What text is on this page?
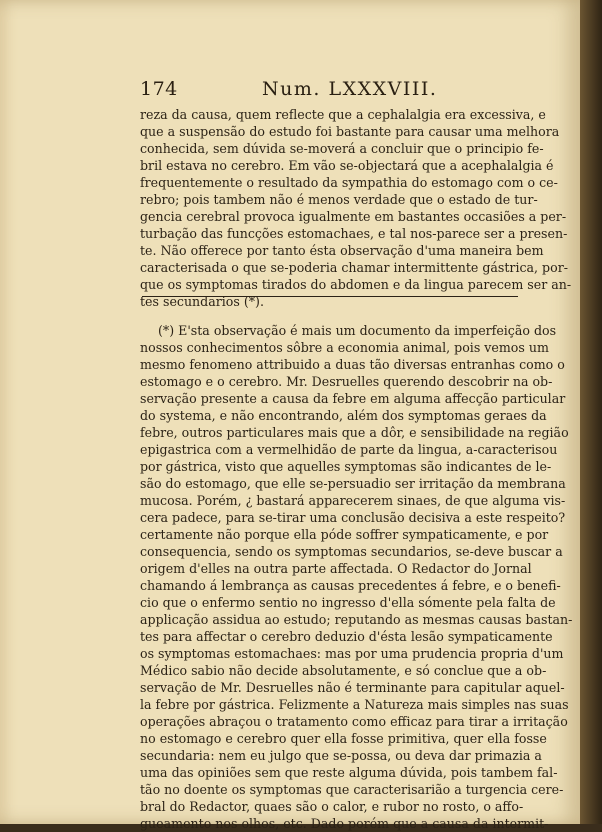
174	Num. LXXXVIII.
reza da causa, quem reflecte que a cephalalgia era excessiva, e
que a suspensão do estudo foi bastante para causar uma melhora
conhecida, sem dúvida se-moverá a concluir que o principio fe-
bril estava no cerebro. Em vão se-objectará que a acephalalgia é
frequentemente o resultado da sympathia do estomago com o ce-
rebro; pois tambem não é menos verdade que o estado de tur-
gencia cerebral provoca igualmente em bastantes occasiões a per-
turbação das funcções estomachaes, e tal nos-parece ser a presen-
te. Não offerece por tanto ésta observação d'uma maneira bem
caracterisada o que se-poderia chamar intermittente gástrica, por-
que os symptomas tirados do abdomen e da lingua parecem ser an-
tes secundarios (*).
(*) E'sta observação é mais um documento da imperfeição dos
nossos conhecimentos sôbre a economia animal, pois vemos um
mesmo fenomeno attribuido a duas tão diversas entranhas como o
estomago e o cerebro. Mr. Desruelles querendo descobrir na ob-
servação presente a causa da febre em alguma affecção particular
do systema, e não encontrando, além dos symptomas geraes da
febre, outros particulares mais que a dôr, e sensibilidade na região
epigastrica com a vermelhidão de parte da lingua, a-caracterisou
por gástrica, visto que aquelles symptomas são indicantes de le-
são do estomago, que elle se-persuadio ser irritação da membrana
mucosa. Porém, ¿ bastará apparecerem sinaes, de que alguma vis-
cera padece, para se-tirar uma conclusão decisiva a este respeito?
certamente não porque ella póde soffrer sympaticamente, e por
consequencia, sendo os symptomas secundarios, se-deve buscar a
origem d'elles na outra parte affectada. O Redactor do Jornal
chamando á lembrança as causas precedentes á febre, e o benefi-
cio que o enfermo sentio no ingresso d'ella sómente pela falta de
applicação assidua ao estudo; reputando as mesmas causas bastan-
tes para affectar o cerebro deduzio d'ésta lesão sympaticamente
os symptomas estomachaes: mas por uma prudencia propria d'um
Médico sabio não decide absolutamente, e só conclue que a ob-
servação de Mr. Desruelles não é terminante para capitular aquel-
la febre por gástrica. Felizmente a Natureza mais simples nas suas
operações abraçou o tratamento como efficaz para tirar a irritação
no estomago e cerebro quer ella fosse primitiva, quer ella fosse
secundaria: nem eu julgo que se-possa, ou deva dar primazia a
uma das opiniões sem que reste alguma dúvida, pois tambem fal-
tão no doente os symptomas que caracterisarião a turgencia cere-
bral do Redactor, quaes são o calor, e rubor no rosto, o affo-
gueamento nos olhos, etc. Dado porém que a causa da intermit-
